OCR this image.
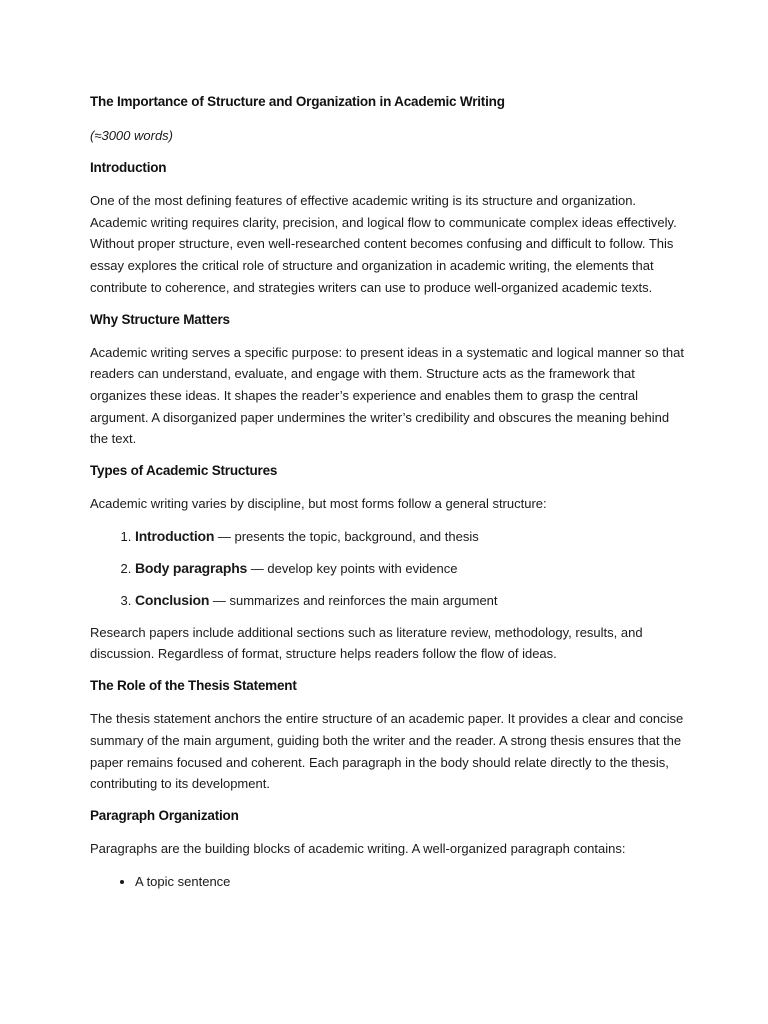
The Importance of Structure and Organization in Academic Writing

(≈3000 words)

Introduction

One of the most defining features of effective academic writing is its structure and organization. Academic writing requires clarity, precision, and logical flow to communicate complex ideas effectively. Without proper structure, even well-researched content becomes confusing and difficult to follow. This essay explores the critical role of structure and organization in academic writing, the elements that contribute to coherence, and strategies writers can use to produce well-organized academic texts.

Why Structure Matters

Academic writing serves a specific purpose: to present ideas in a systematic and logical manner so that readers can understand, evaluate, and engage with them. Structure acts as the framework that organizes these ideas. It shapes the reader’s experience and enables them to grasp the central argument. A disorganized paper undermines the writer’s credibility and obscures the meaning behind the text.

Types of Academic Structures

Academic writing varies by discipline, but most forms follow a general structure:

1. Introduction — presents the topic, background, and thesis
2. Body paragraphs — develop key points with evidence
3. Conclusion — summarizes and reinforces the main argument

Research papers include additional sections such as literature review, methodology, results, and discussion. Regardless of format, structure helps readers follow the flow of ideas.

The Role of the Thesis Statement

The thesis statement anchors the entire structure of an academic paper. It provides a clear and concise summary of the main argument, guiding both the writer and the reader. A strong thesis ensures that the paper remains focused and coherent. Each paragraph in the body should relate directly to the thesis, contributing to its development.

Paragraph Organization

Paragraphs are the building blocks of academic writing. A well-organized paragraph contains:

• A topic sentence
